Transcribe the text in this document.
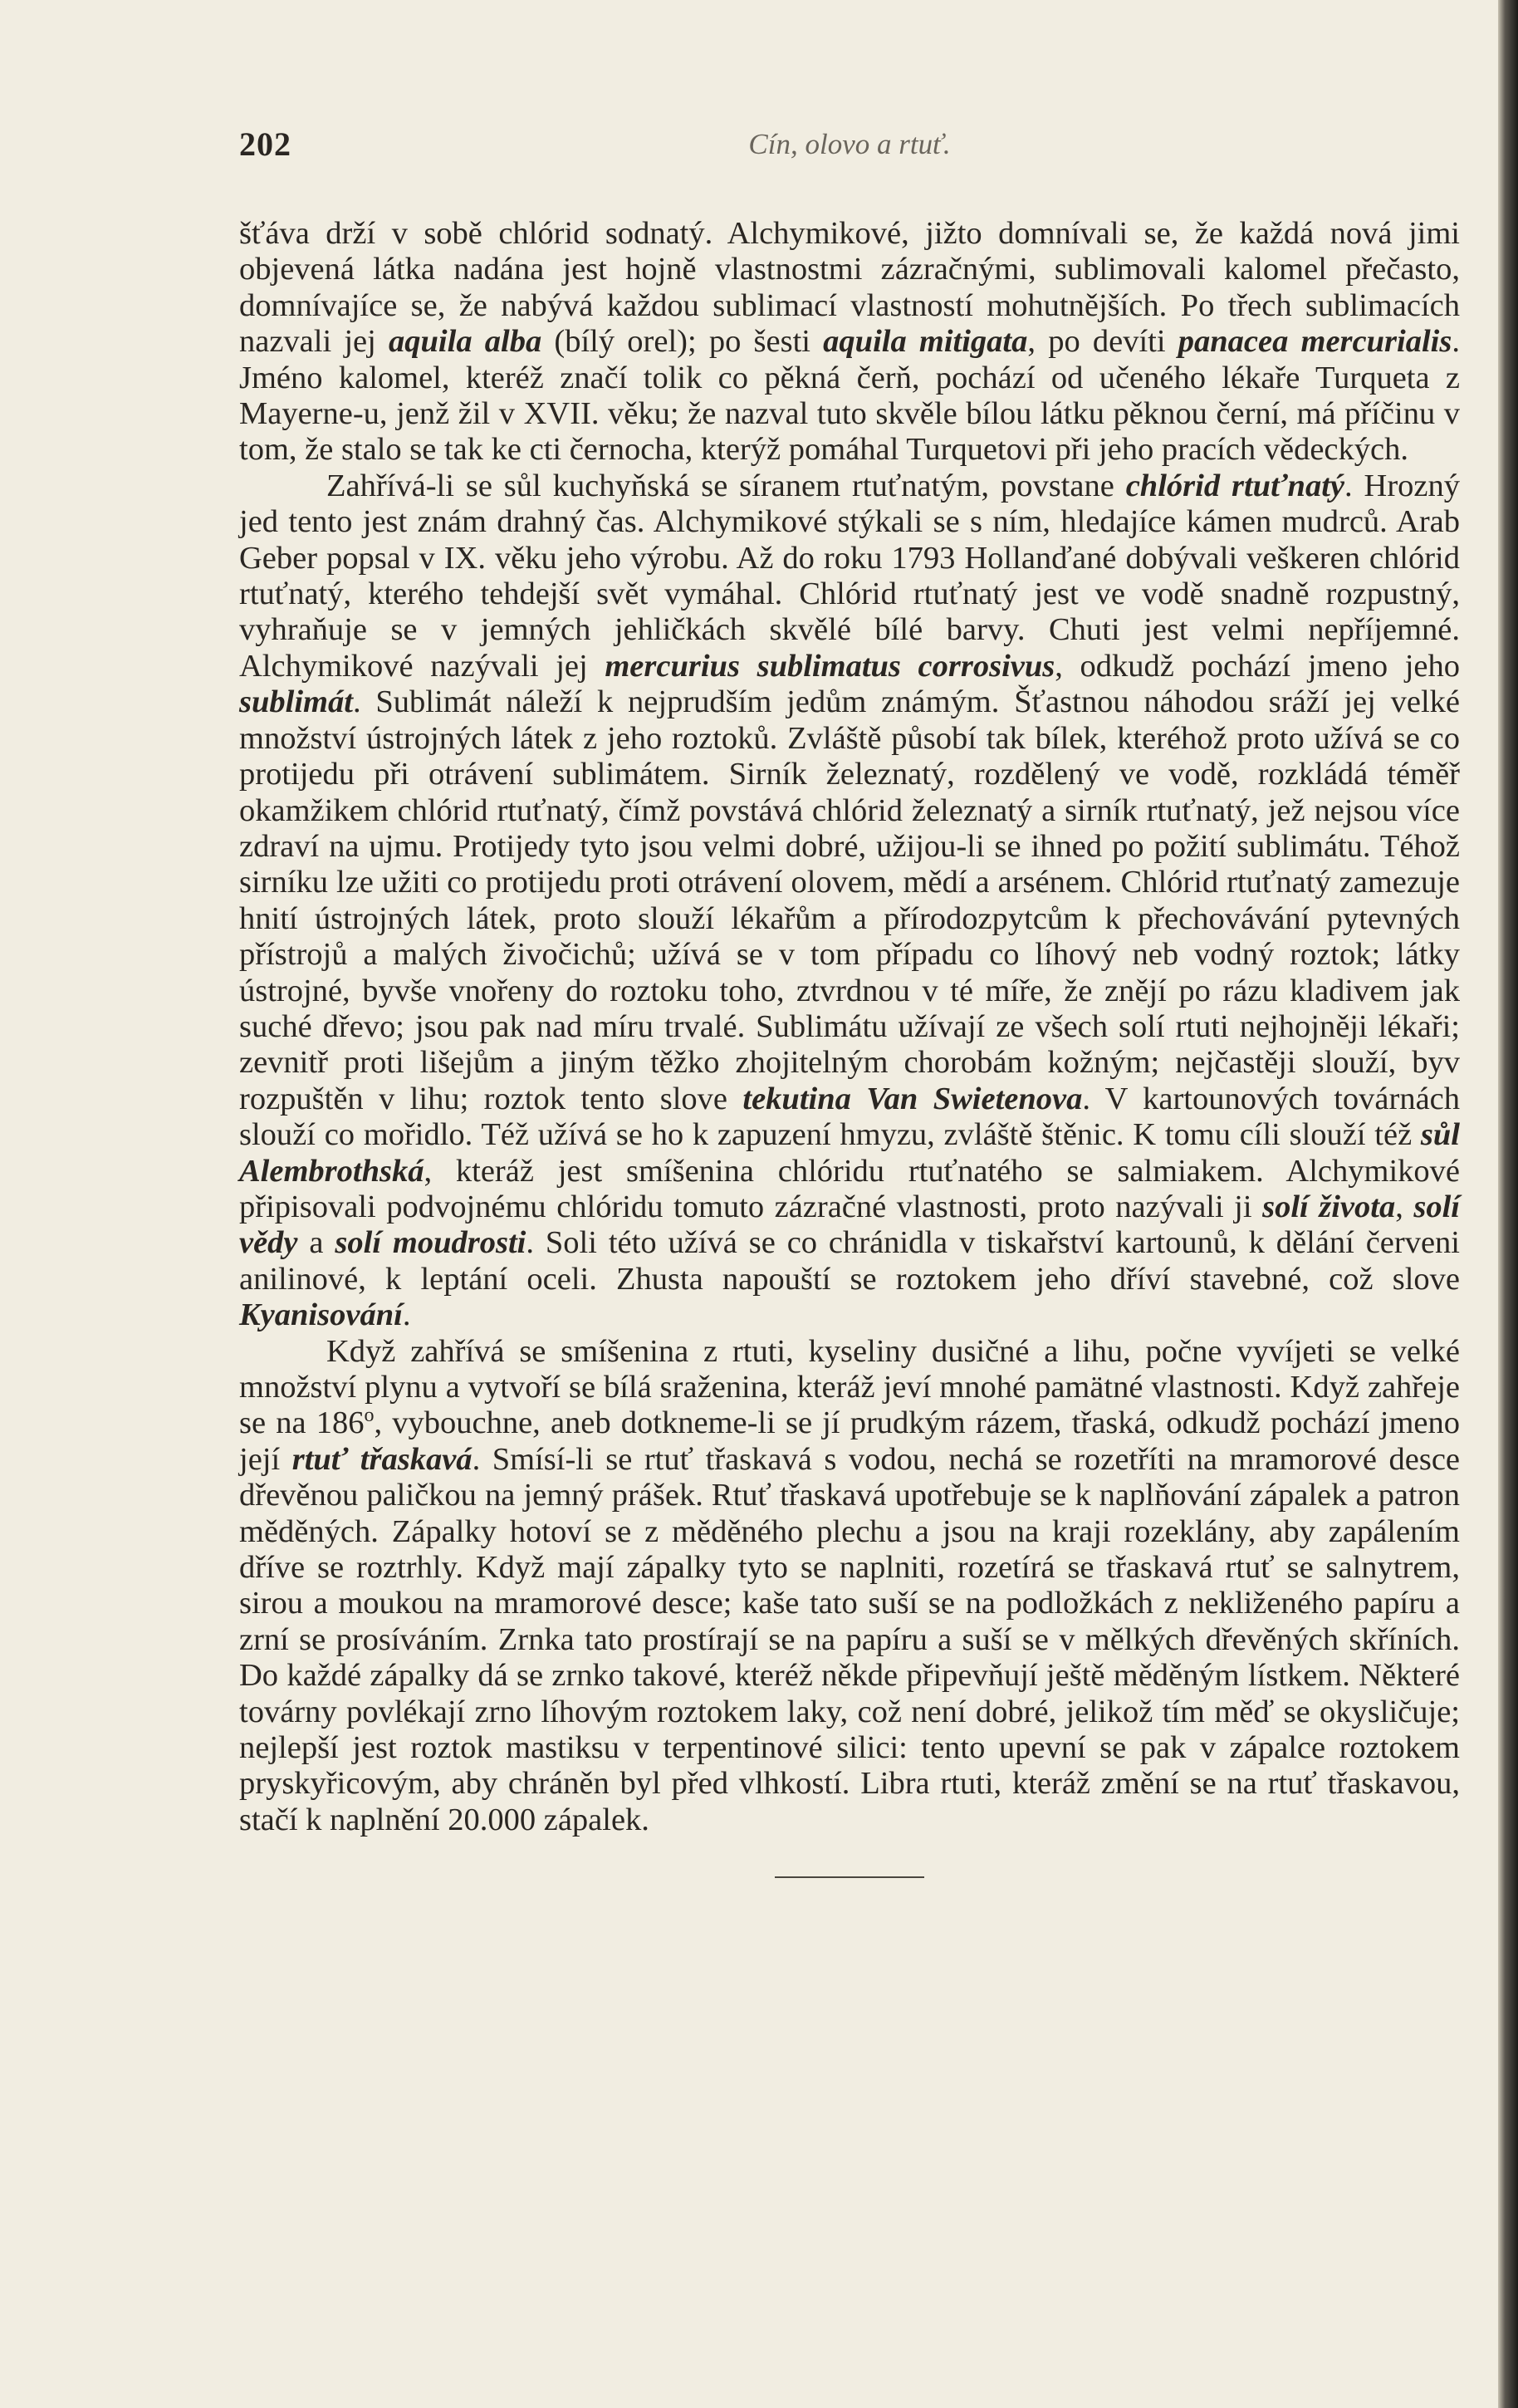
202	Cín, olovo a rtuť.

šťáva drží v sobě chlórid sodnatý. Alchymikové, jižto domnívali se, že každá nová jimi objevená látka nadána jest hojně vlastnostmi zázračnými, sublimovali kalomel přečasto, domnívajíce se, že nabývá každou sublimací vlastností mohutnějších. Po třech sublimacích nazvali jej aquila alba (bílý orel); po šesti aquila mitigata, po devíti panacea mercurialis. Jméno kalomel, kteréž značí tolik co pěkná čerň, pochází od učeného lékaře Turqueta z Mayerne-u, jenž žil v XVII. věku; že nazval tuto skvěle bílou látku pěknou černí, má příčinu v tom, že stalo se tak ke cti černocha, kterýž pomáhal Turquetovi při jeho pracích vědeckých.

Zahřívá-li se sůl kuchyňská se síranem rtuťnatým, povstane chlórid rtuťnatý. Hrozný jed tento jest znám drahný čas. Alchymikové stýkali se s ním, hledajíce kámen mudrců. Arab Geber popsal v IX. věku jeho výrobu. Až do roku 1793 Hollanďané dobývali veškeren chlórid rtuťnatý, kterého tehdejší svět vymáhal. Chlórid rtuťnatý jest ve vodě snadně rozpustný, vyhraňuje se v jemných jehličkách skvělé bílé barvy. Chuti jest velmi nepříjemné. Alchymikové nazývali jej mercurius sublimatus corrosivus, odkudž pochází jmeno jeho sublimát. Sublimát náleží k nejprudším jedům známým. Šťastnou náhodou sráží jej velké množství ústrojných látek z jeho roztoků. Zvláště působí tak bílek, kteréhož proto užívá se co protijedu při otrávení sublimátem. Sirník železnatý, rozdělený ve vodě, rozkládá téměř okamžikem chlórid rtuťnatý, čímž povstává chlórid železnatý a sirník rtuťnatý, jež nejsou více zdraví na ujmu. Protijedy tyto jsou velmi dobré, užijou-li se ihned po požití sublimátu. Téhož sirníku lze užiti co protijedu proti otrávení olovem, mědí a arsénem. Chlórid rtuťnatý zamezuje hnití ústrojných látek, proto slouží lékařům a přírodozpytcům k přechovávání pytevných přístrojů a malých živočichů; užívá se v tom případu co líhový neb vodný roztok; látky ústrojné, byvše vnořeny do roztoku toho, ztvrdnou v té míře, že znějí po rázu kladivem jak suché dřevo; jsou pak nad míru trvalé. Sublimátu užívají ze všech solí rtuti nejhojněji lékaři; zevnitř proti lišejům a jiným těžko zhojitelným chorobám kožným; nejčastěji slouží, byv rozpuštěn v lihu; roztok tento slove tekutina Van Swietenova. V kartounových továrnách slouží co mořidlo. Též užívá se ho k zapuzení hmyzu, zvláště štěnic. K tomu cíli slouží též sůl Alembrothská, kteráž jest smíšenina chlóridu rtuťnatého se salmiakem. Alchymikové připisovali podvojnému chlóridu tomuto zázračné vlastnosti, proto nazývali ji solí života, solí vědy a solí moudrosti. Soli této užívá se co chránidla v tiskařství kartounů, k dělání červeni anilinové, k leptání oceli. Zhusta napouští se roztokem jeho dříví stavebné, což slove Kyanisování.

Když zahřívá se smíšenina z rtuti, kyseliny dusičné a lihu, počne vyvíjeti se velké množství plynu a vytvoří se bílá sraženina, kteráž jeví mnohé pamätné vlastnosti. Když zahřeje se na 186$^o$, vybouchne, aneb dotkneme-li se jí prudkým rázem, třaská, odkudž pochází jmeno její rtuť třaskavá. Smísí-li se rtuť třaskavá s vodou, nechá se rozetříti na mramorové desce dřevěnou paličkou na jemný prášek. Rtuť třaskavá upotřebuje se k naplňování zápalek a patron měděných. Zápalky hotoví se z měděného plechu a jsou na kraji rozeklány, aby zapálením dříve se roztrhly. Když mají zápalky tyto se naplniti, rozetírá se třaskavá rtuť se salnytrem, sirou a moukou na mramorové desce; kaše tato suší se na podložkách z nekliženého papíru a zrní se prosíváním. Zrnka tato prostírají se na papíru a suší se v mělkých dřevěných skříních. Do každé zápalky dá se zrnko takové, kteréž někde připevňují ještě měděným lístkem. Některé továrny povlékají zrno líhovým roztokem laky, což není dobré, jelikož tím měď se okysličuje; nejlepší jest roztok mastiksu v terpentinové silici: tento upevní se pak v zápalce roztokem pryskyřicovým, aby chráněn byl před vlhkostí. Libra rtuti, kteráž změní se na rtuť třaskavou, stačí k naplnění 20.000 zápalek.
